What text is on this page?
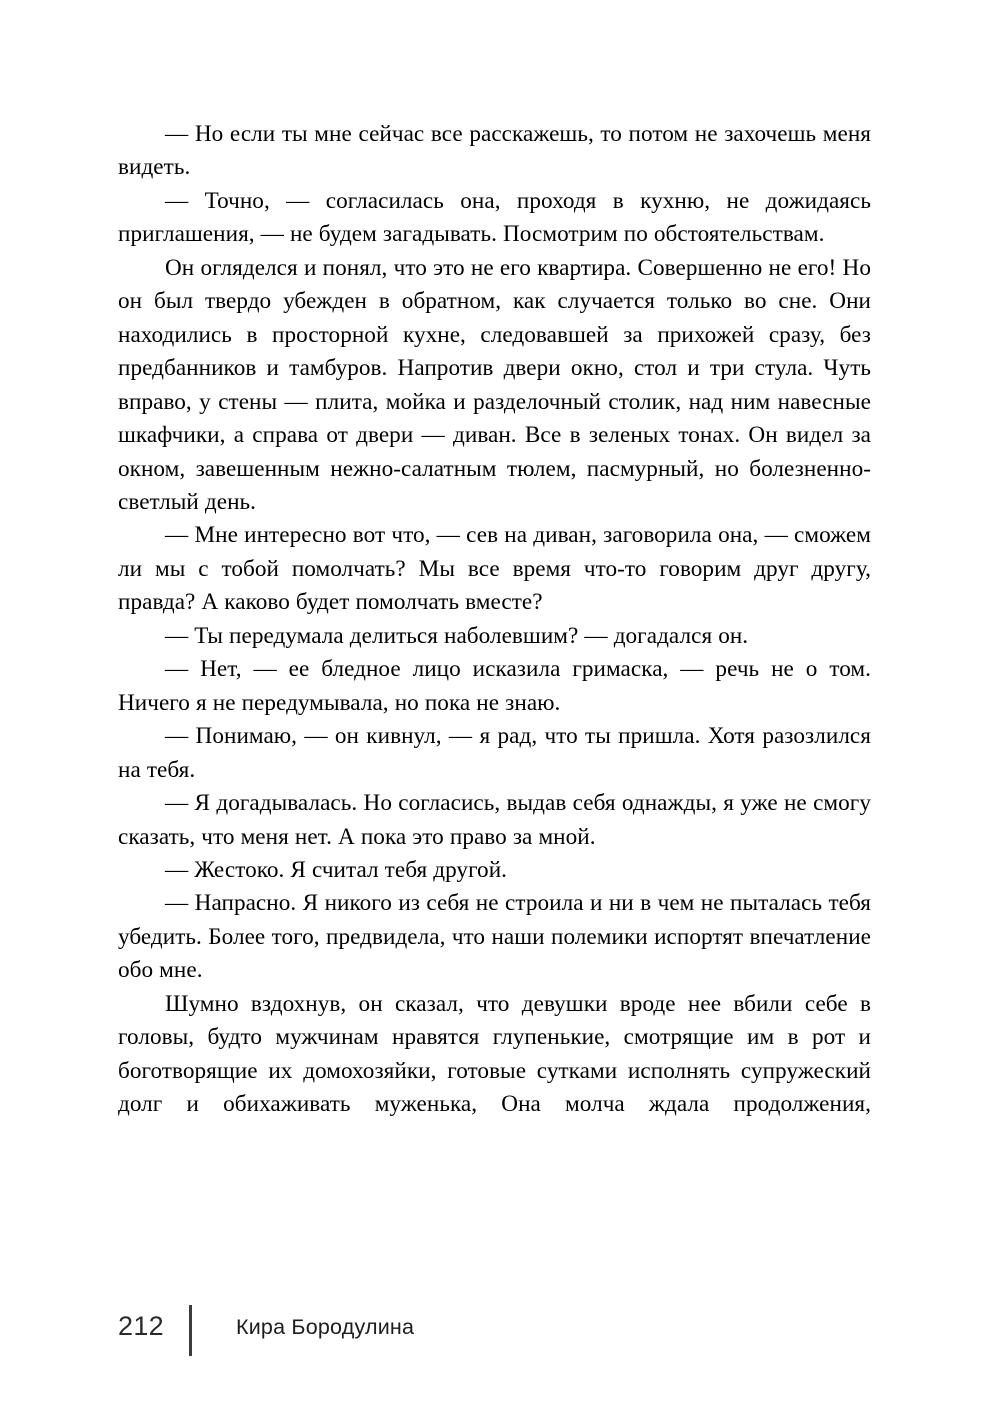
— Но если ты мне сейчас все расскажешь, то потом не захочешь меня видеть.

— Точно, — согласилась она, проходя в кухню, не дожидаясь приглашения, — не будем загадывать. Посмотрим по обстоятельствам.

Он огляделся и понял, что это не его квартира. Совершенно не его! Но он был твердо убежден в обратном, как случается только во сне. Они находились в просторной кухне, следовавшей за прихожей сразу, без предбанников и тамбуров. Напротив двери окно, стол и три стула. Чуть вправо, у стены — плита, мойка и разделочный столик, над ним навесные шкафчики, а справа от двери — диван. Все в зеленых тонах. Он видел за окном, завешенным нежно-салатным тюлем, пасмурный, но болезненно-светлый день.

— Мне интересно вот что, — сев на диван, заговорила она, — сможем ли мы с тобой помолчать? Мы все время что-то говорим друг другу, правда? А каково будет помолчать вместе?

— Ты передумала делиться наболевшим? — догадался он.

— Нет, — ее бледное лицо исказила гримаска, — речь не о том. Ничего я не передумывала, но пока не знаю.

— Понимаю, — он кивнул, — я рад, что ты пришла. Хотя разозлился на тебя.

— Я догадывалась. Но согласись, выдав себя однажды, я уже не смогу сказать, что меня нет. А пока это право за мной.

— Жестоко. Я считал тебя другой.

— Напрасно. Я никого из себя не строила и ни в чем не пыталась тебя убедить. Более того, предвидела, что наши полемики испортят впечатление обо мне.

Шумно вздохнув, он сказал, что девушки вроде нее вбили себе в головы, будто мужчинам нравятся глупенькие, смотрящие им в рот и боготворящие их домохозяйки, готовые сутками исполнять супружеский долг и обихаживать муженька, Она молча ждала продолжения,

212	Кира Бородулина
